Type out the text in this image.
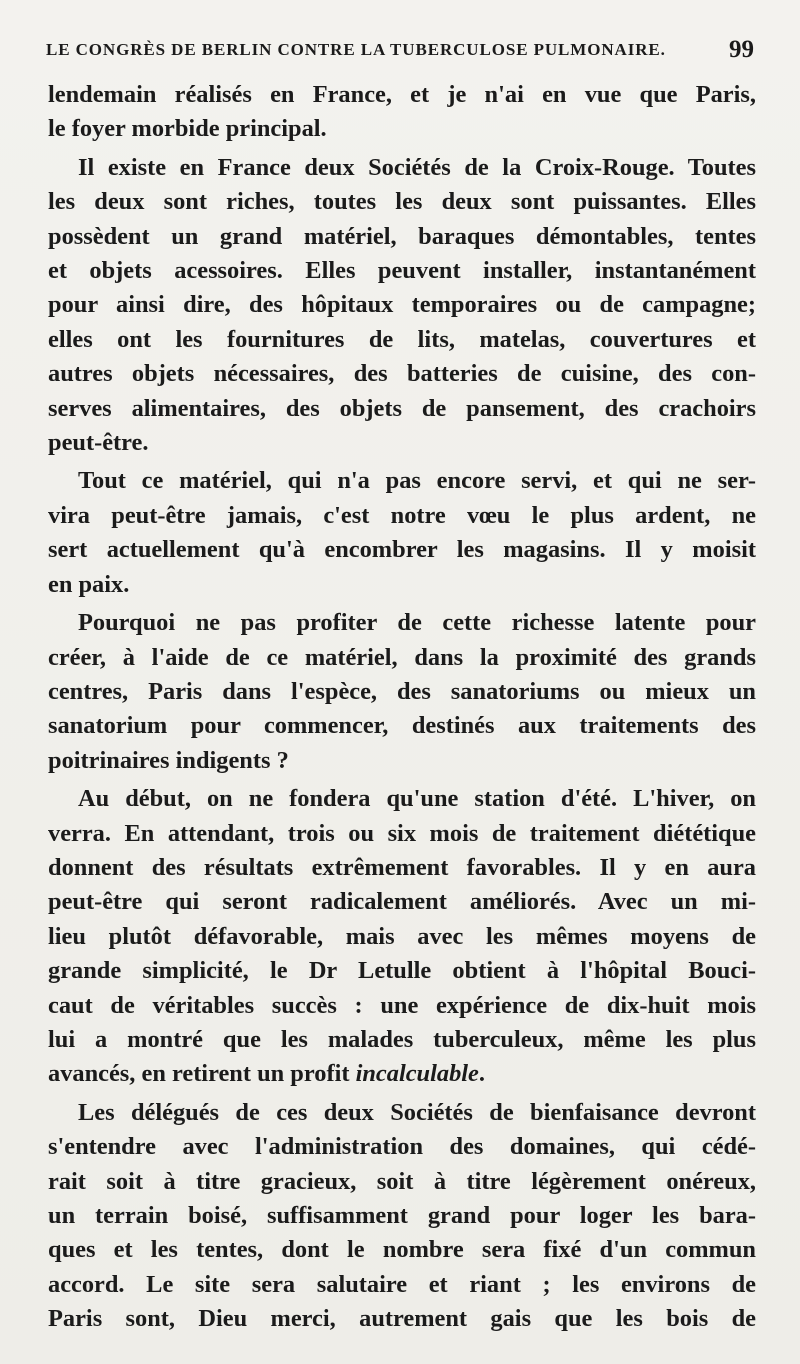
LE CONGRÈS DE BERLIN CONTRE LA TUBERCULOSE PULMONAIRE.	99
lendemain réalisés en France, et je n'ai en vue que Paris,
le foyer morbide principal.
Il existe en France deux Sociétés de la Croix-Rouge. Toutes
les deux sont riches, toutes les deux sont puissantes. Elles
possèdent un grand matériel, baraques démontables, tentes
et objets acessoires. Elles peuvent installer, instantanément
pour ainsi dire, des hôpitaux temporaires ou de campagne;
elles ont les fournitures de lits, matelas, couvertures et
autres objets nécessaires, des batteries de cuisine, des con-
serves alimentaires, des objets de pansement, des crachoirs
peut-être.
Tout ce matériel, qui n'a pas encore servi, et qui ne ser-
vira peut-être jamais, c'est notre vœu le plus ardent, ne
sert actuellement qu'à encombrer les magasins. Il y moisit
en paix.
Pourquoi ne pas profiter de cette richesse latente pour
créer, à l'aide de ce matériel, dans la proximité des grands
centres, Paris dans l'espèce, des sanatoriums ou mieux un
sanatorium pour commencer, destinés aux traitements des
poitrinaires indigents ?
Au début, on ne fondera qu'une station d'été. L'hiver, on
verra. En attendant, trois ou six mois de traitement diététique
donnent des résultats extrêmement favorables. Il y en aura
peut-être qui seront radicalement améliorés. Avec un mi-
lieu plutôt défavorable, mais avec les mêmes moyens de
grande simplicité, le Dr Letulle obtient à l'hôpital Bouci-
caut de véritables succès : une expérience de dix-huit mois
lui a montré que les malades tuberculeux, même les plus
avancés, en retirent un profit incalculable.
Les délégués de ces deux Sociétés de bienfaisance devront
s'entendre avec l'administration des domaines, qui cédé-
rait soit à titre gracieux, soit à titre légèrement onéreux,
un terrain boisé, suffisamment grand pour loger les bara-
ques et les tentes, dont le nombre sera fixé d'un commun
accord. Le site sera salutaire et riant ; les environs de
Paris sont, Dieu merci, autrement gais que les bois de
